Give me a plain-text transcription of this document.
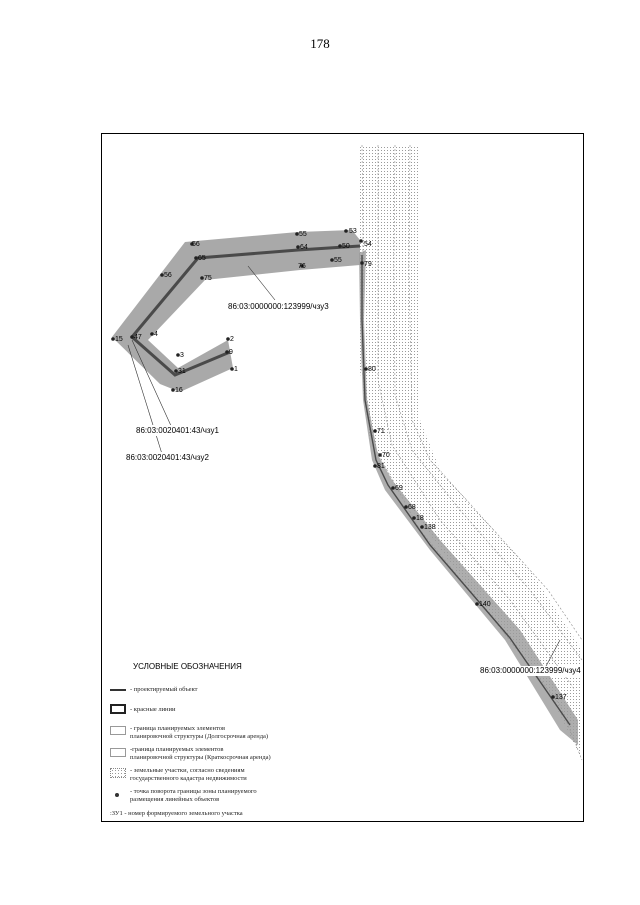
178
53
54
55
56
76	79
50
55
56	75
64
65
15 47 4
2
3	9
1
31
16
80
71
70
81
69
68
18
138
140
137
86:03:0000000:123999/чзу3
86:03:0020401:43/чзу1
86:03:0020401:43/чзу2
86:03:0000000:123999/чзу4
УСЛОВНЫЕ ОБОЗНАЧЕНИЯ
- проектируемый объект
- красные линии
- граница планируемых элементов
планировочной структуры (Долгосрочная аренда)
-граница планируемых элементов
планировочной структуры (Краткосрочная аренда)
- земельные участки, согласно сведениям
государственного кадастра недвижимости
- точка поворота границы зоны планируемого
размещения линейных объектов
:ЗУ1 - номер формируемого земельного участка
